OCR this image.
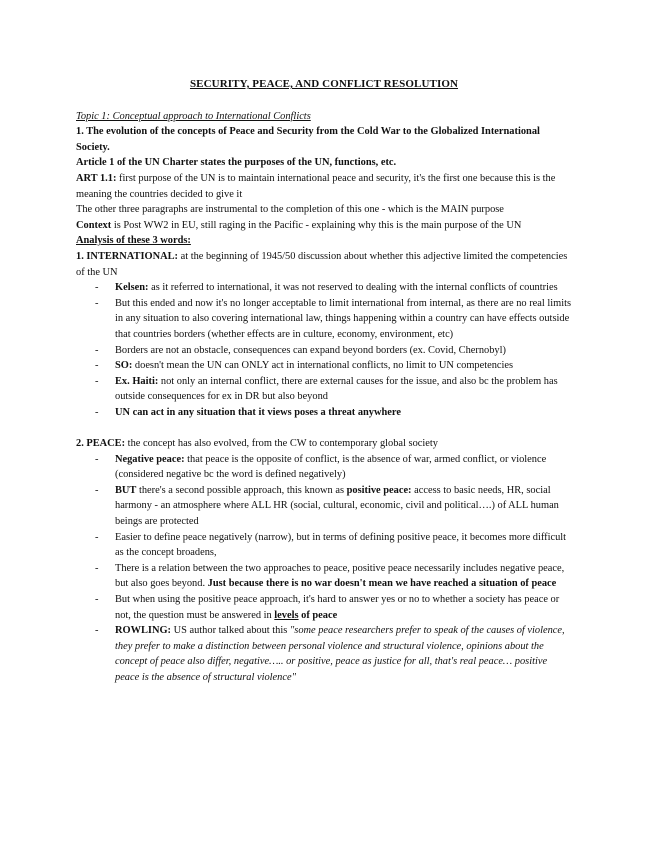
SECURITY, PEACE, AND CONFLICT RESOLUTION

Topic 1: Conceptual approach to International Conflicts

1. The evolution of the concepts of Peace and Security from the Cold War to the Globalized International Society.

Article 1 of the UN Charter states the purposes of the UN, functions, etc.

ART 1.1: first purpose of the UN is to maintain international peace and security, it's the first one because this is the meaning the countries decided to give it

The other three paragraphs are instrumental to the completion of this one - which is the MAIN purpose

Context is Post WW2 in EU, still raging in the Pacific - explaining why this is the main purpose of the UN

Analysis of these 3 words:

1. INTERNATIONAL: at the beginning of 1945/50 discussion about whether this adjective limited the competencies of the UN

- Kelsen: as it referred to international, it was not reserved to dealing with the internal conflicts of countries
- But this ended and now it's no longer acceptable to limit international from internal, as there are no real limits in any situation to also covering international law, things happening within a country can have effects outside that countries borders (whether effects are in culture, economy, environment, etc)
- Borders are not an obstacle, consequences can expand beyond borders (ex. Covid, Chernobyl)
- SO: doesn't mean the UN can ONLY act in international conflicts, no limit to UN competencies
- Ex. Haiti: not only an internal conflict, there are external causes for the issue, and also bc the problem has outside consequences for ex in DR but also beyond
- UN can act in any situation that it views poses a threat anywhere

2. PEACE: the concept has also evolved, from the CW to contemporary global society

- Negative peace: that peace is the opposite of conflict, is the absence of war, armed conflict, or violence (considered negative bc the word is defined negatively)
- BUT there's a second possible approach, this known as positive peace: access to basic needs, HR, social harmony - an atmosphere where ALL HR (social, cultural, economic, civil and political….) of ALL human beings are protected
- Easier to define peace negatively (narrow), but in terms of defining positive peace, it becomes more difficult as the concept broadens,
- There is a relation between the two approaches to peace, positive peace necessarily includes negative peace, but also goes beyond. Just because there is no war doesn't mean we have reached a situation of peace
- But when using the positive peace approach, it's hard to answer yes or no to whether a society has peace or not, the question must be answered in levels of peace
- ROWLING: US author talked about this "some peace researchers prefer to speak of the causes of violence, they prefer to make a distinction between personal violence and structural violence, opinions about the concept of peace also differ, negative….. or positive, peace as justice for all, that's real peace… positive peace is the absence of structural violence"
